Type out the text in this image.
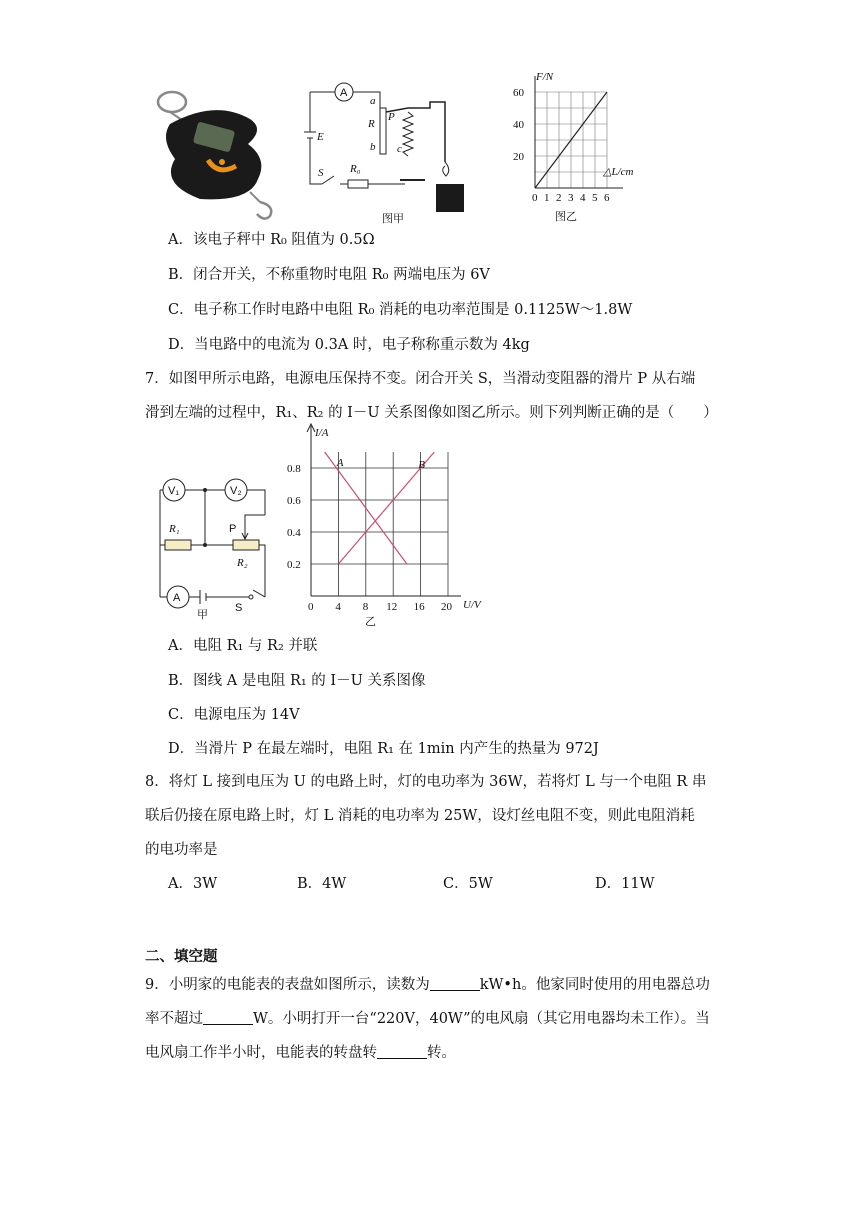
A
E
S R₀
a
R
b
P
c
图甲
F/N
△L/cm
20
40
60
0 1 2 3 4 5 6
图乙
A．该电子秤中 R₀ 阻值为 0.5Ω
B．闭合开关，不称重物时电阻 R₀ 两端电压为 6V
C．电子称工作时电路中电阻 R₀ 消耗的电功率范围是 0.1125W～1.8W
D．当电路中的电流为 0.3A 时，电子称称重示数为 4kg
7．如图甲所示电路，电源电压保持不变。闭合开关 S，当滑动变阻器的滑片 P 从右端
滑到左端的过程中，R₁、R₂ 的 I－U 关系图像如图乙所示。则下列判断正确的是（　　）
V₁	V₂
R₁	P
R₂
A
S
甲
I/A
U/V
0.2
0.4
0.6
0.8
0 4 8 12 16 20
A	B
乙
A．电阻 R₁ 与 R₂ 并联
B．图线 A 是电阻 R₁ 的 I－U 关系图像
C．电源电压为 14V
D．当滑片 P 在最左端时，电阻 R₁ 在 1min 内产生的热量为 972J
8．将灯 L 接到电压为 U 的电路上时，灯的电功率为 36W，若将灯 L 与一个电阻 R 串
联后仍接在原电路上时，灯 L 消耗的电功率为 25W，设灯丝电阻不变，则此电阻消耗
的电功率是
A．3W	B．4W	C．5W	D．11W
二、填空题
9．小明家的电能表的表盘如图所示，读数为	kW•h。他家同时使用的用电器总功
率不超过	W。小明打开一台“220V，40W”的电风扇（其它用电器均未工作）。当
电风扇工作半小时，电能表的转盘转	转。
